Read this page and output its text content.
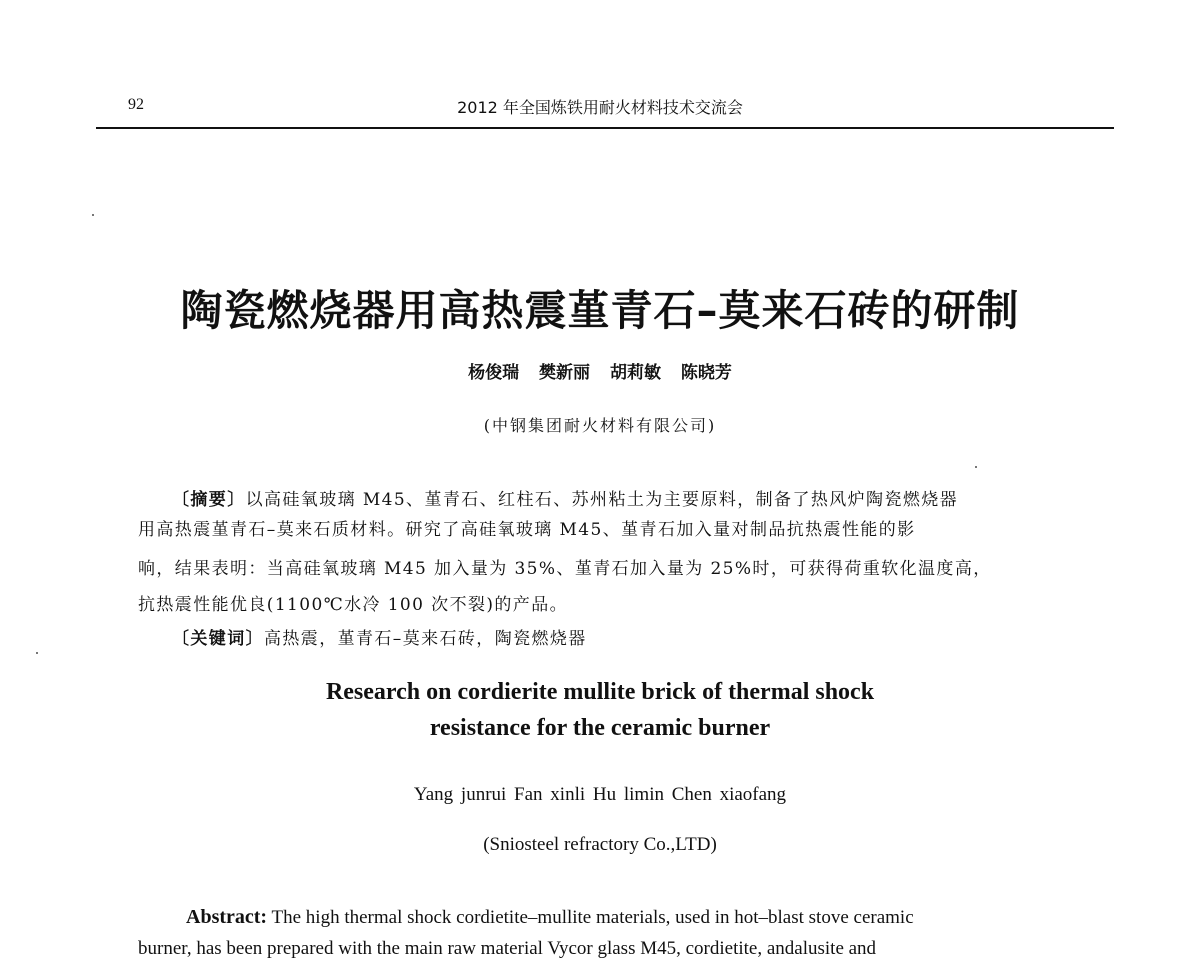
92	2012 年全国炼铁用耐火材料技术交流会
陶瓷燃烧器用高热震堇青石–莫来石砖的研制
杨俊瑞 樊新丽 胡莉敏 陈晓芳
(中钢集团耐火材料有限公司)

〔摘要〕以高硅氧玻璃 M45、堇青石、红柱石、苏州粘土为主要原料，制备了热风炉陶瓷燃烧器

用高热震堇青石–莫来石质材料。研究了高硅氧玻璃 M45、堇青石加入量对制品抗热震性能的影

响，结果表明：当高硅氧玻璃 M45 加入量为 35%、堇青石加入量为 25%时，可获得荷重软化温度高，

抗热震性能优良(1100℃水冷 100 次不裂)的产品。

〔关键词〕高热震，堇青石–莫来石砖，陶瓷燃烧器

Research on cordierite mullite brick of thermal shock
resistance for the ceramic burner
Yang junrui Fan xinli Hu limin Chen xiaofang
(Sniosteel refractory Co.,LTD)

Abstract: The high thermal shock cordietite–mullite materials, used in hot–blast stove ceramic

burner, has been prepared with the main raw material Vycor glass M45, cordietite, andalusite and
